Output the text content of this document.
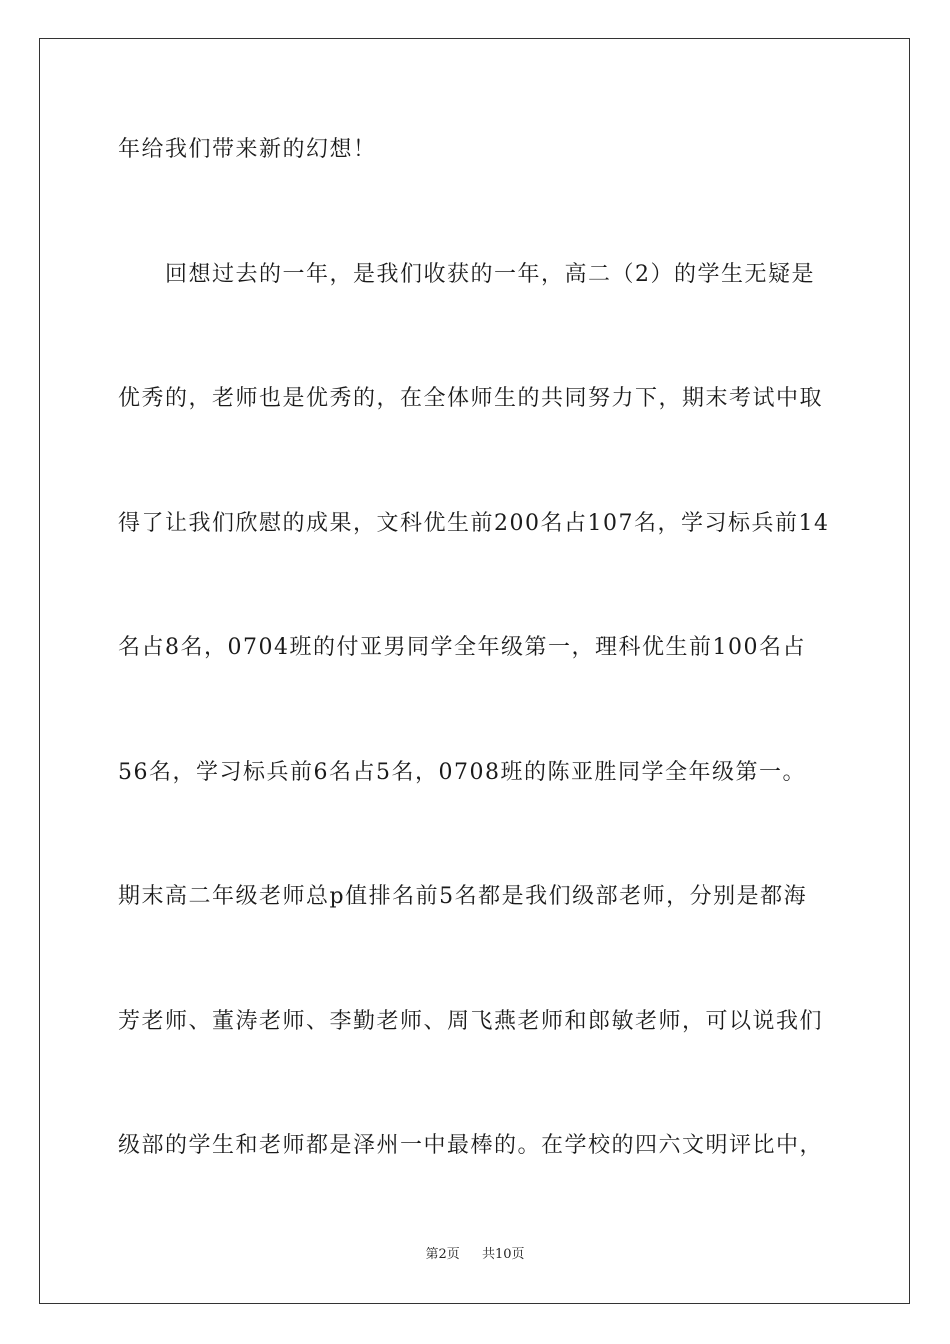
年给我们带来新的幻想！
　　回想过去的一年，是我们收获的一年，高二（2）的学生无疑是
优秀的，老师也是优秀的，在全体师生的共同努力下，期末考试中取
得了让我们欣慰的成果，文科优生前200名占107名，学习标兵前14
名占8名，0704班的付亚男同学全年级第一，理科优生前100名占
56名，学习标兵前6名占5名，0708班的陈亚胜同学全年级第一。
期末高二年级老师总p值排名前5名都是我们级部老师，分别是都海
芳老师、董涛老师、李勤老师、周飞燕老师和郎敏老师，可以说我们
级部的学生和老师都是泽州一中最棒的。在学校的四六文明评比中，
第2页 共10页
